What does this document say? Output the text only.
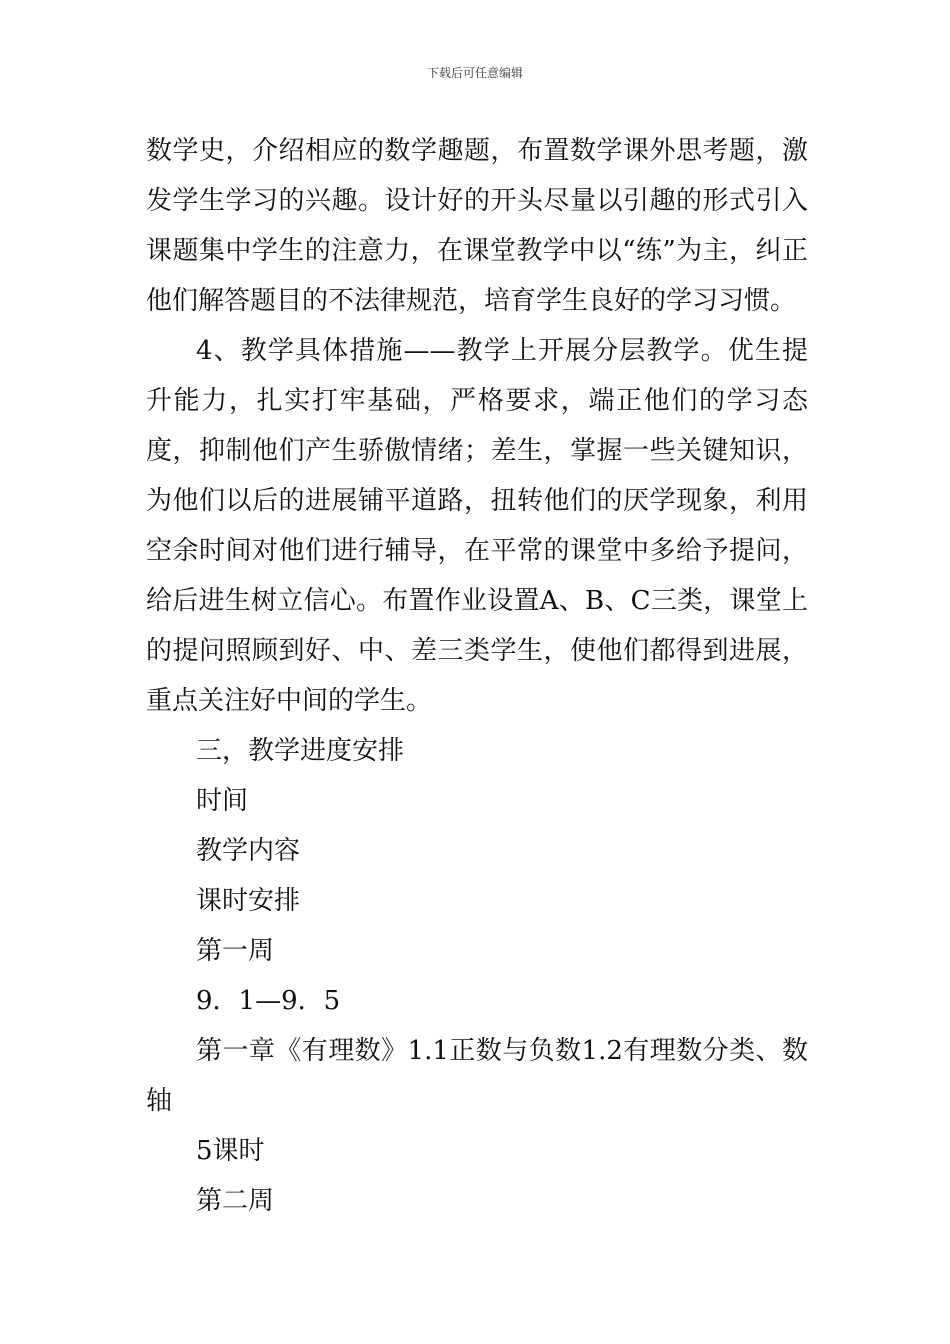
下载后可任意编辑

数学史，介绍相应的数学趣题，布置数学课外思考题，激发学生学习的兴趣。设计好的开头尽量以引趣的形式引入课题集中学生的注意力，在课堂教学中以“练”为主，纠正他们解答题目的不法律规范，培育学生良好的学习习惯。

4、教学具体措施——教学上开展分层教学。优生提升能力，扎实打牢基础，严格要求，端正他们的学习态度，抑制他们产生骄傲情绪；差生，掌握一些关键知识，为他们以后的进展铺平道路，扭转他们的厌学现象，利用空余时间对他们进行辅导，在平常的课堂中多给予提问，给后进生树立信心。布置作业设置A、B、C三类，课堂上的提问照顾到好、中、差三类学生，使他们都得到进展，重点关注好中间的学生。

三，教学进度安排

时间

教学内容

课时安排

第一周

9．1—9．5

第一章《有理数》1.1正数与负数1.2有理数分类、数轴

5课时

第二周
